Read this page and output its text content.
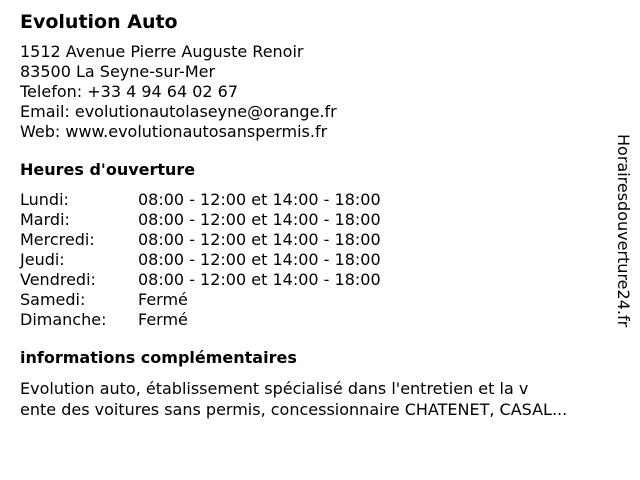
Evolution Auto
1512 Avenue Pierre Auguste Renoir
83500 La Seyne-sur-Mer
Telefon: +33 4 94 64 02 67
Email: evolutionautolaseyne@orange.fr
Web: www.evolutionautosanspermis.fr
Heures d'ouverture
Lundi:	08:00 - 12:00 et 14:00 - 18:00
Mardi:	08:00 - 12:00 et 14:00 - 18:00
Mercredi:	08:00 - 12:00 et 14:00 - 18:00
Jeudi:	08:00 - 12:00 et 14:00 - 18:00
Vendredi:	08:00 - 12:00 et 14:00 - 18:00
Samedi:	Fermé
Dimanche:	Fermé
informations complémentaires
Evolution auto, établissement spécialisé dans l'entretien et la v
ente des voitures sans permis, concessionnaire CHATENET, CASAL...
Horairesdouverture24.fr
